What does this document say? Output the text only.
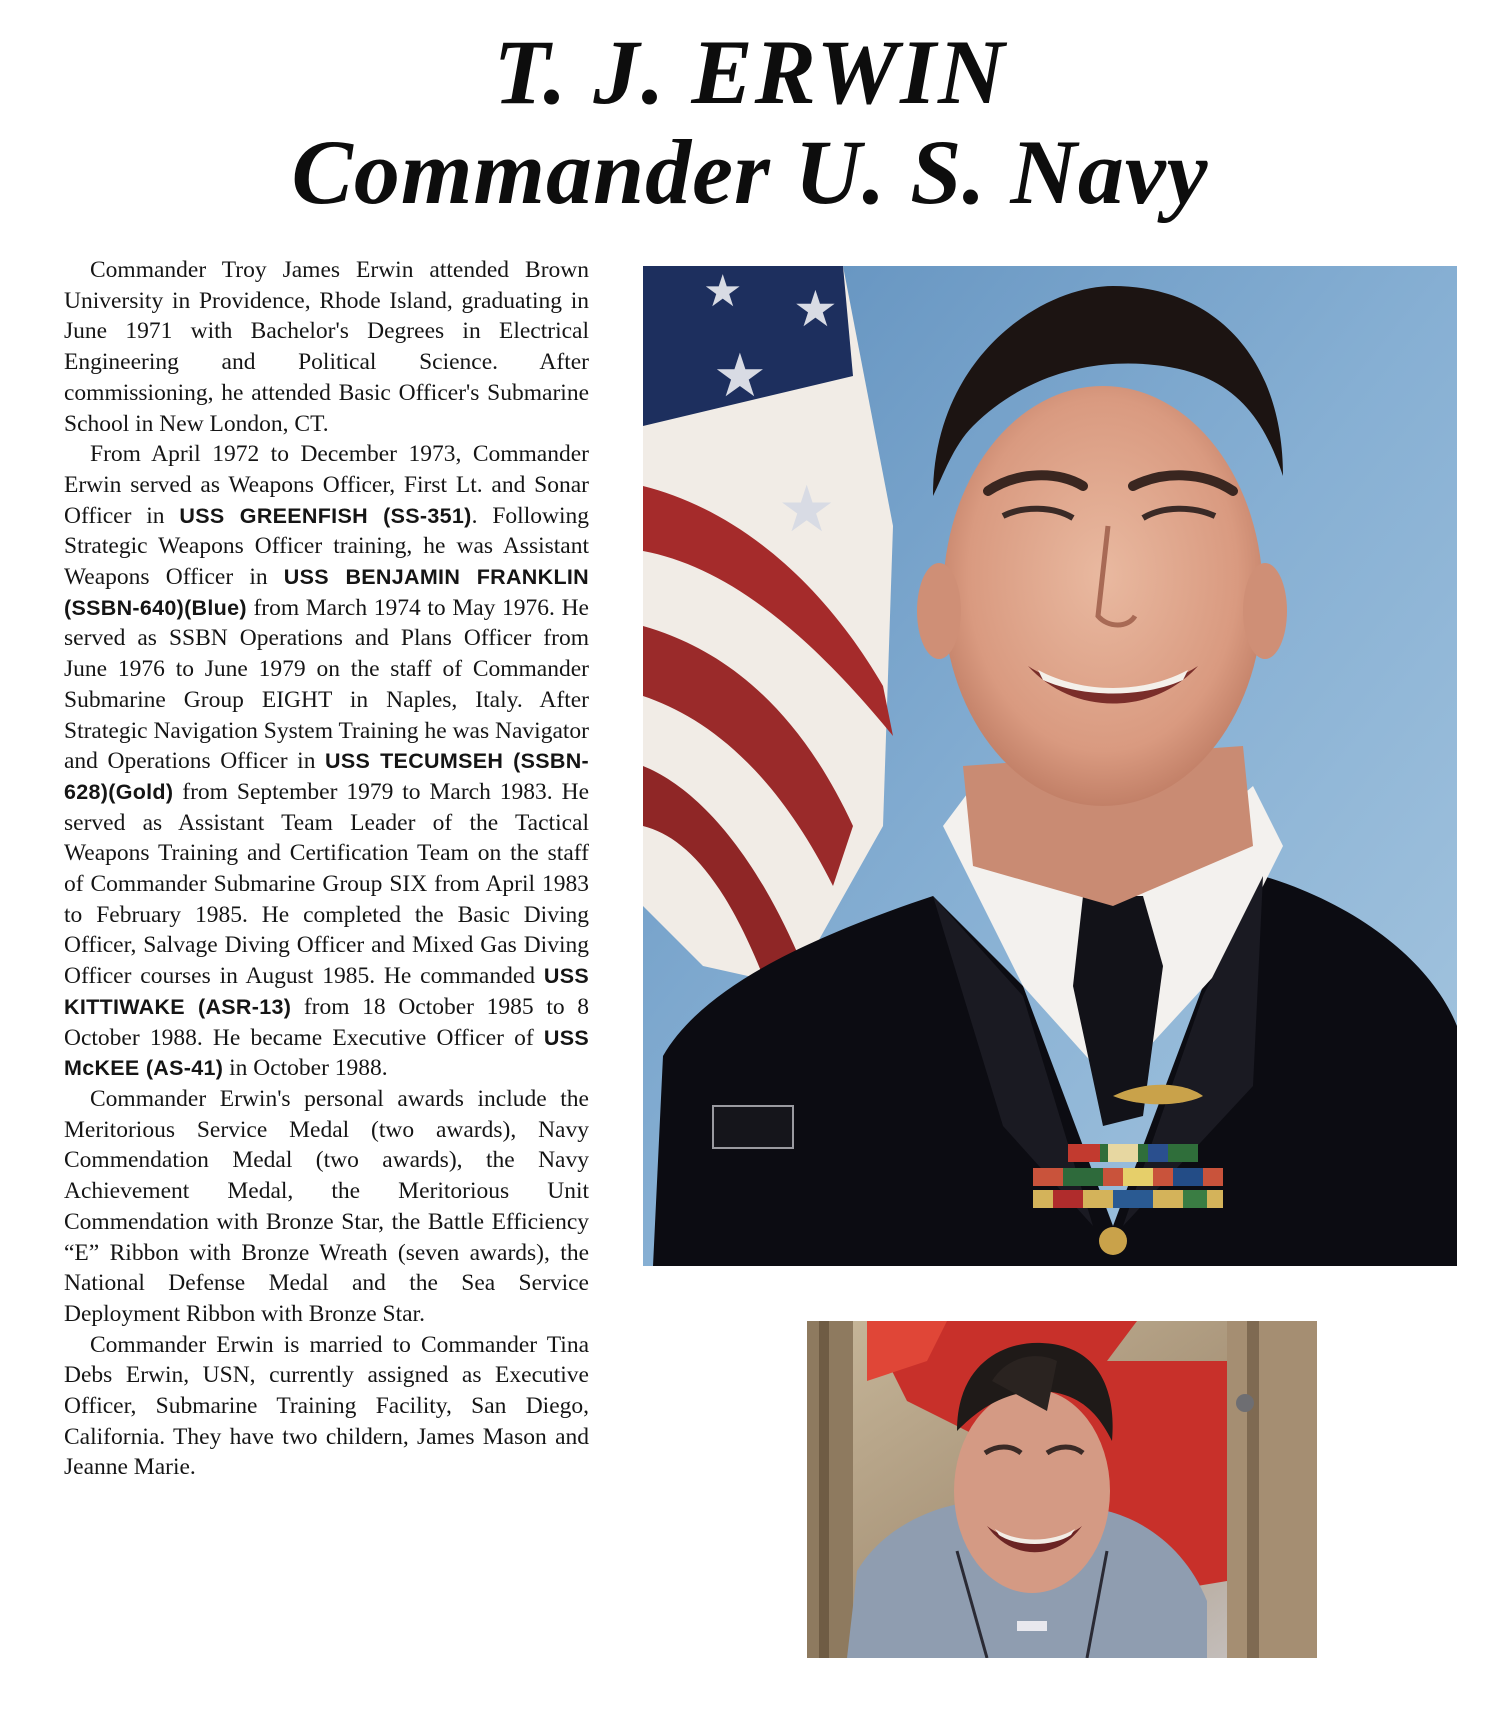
T. J. ERWIN
Commander U. S. Navy

Commander Troy James Erwin attended Brown University in Providence, Rhode Island, graduating in June 1971 with Bachelor's Degrees in Electrical Engineering and Political Science. After commissioning, he attended Basic Officer's Submarine School in New London, CT.

From April 1972 to December 1973, Commander Erwin served as Weapons Officer, First Lt. and Sonar Officer in USS GREENFISH (SS-351). Following Strategic Weapons Officer training, he was Assistant Weapons Officer in USS BENJAMIN FRANKLIN (SSBN-640)(Blue) from March 1974 to May 1976. He served as SSBN Operations and Plans Officer from June 1976 to June 1979 on the staff of Commander Submarine Group EIGHT in Naples, Italy. After Strategic Navigation System Training he was Navigator and Operations Officer in USS TECUMSEH (SSBN-628)(Gold) from September 1979 to March 1983. He served as Assistant Team Leader of the Tactical Weapons Training and Certification Team on the staff of Commander Submarine Group SIX from April 1983 to February 1985. He completed the Basic Diving Officer, Salvage Diving Officer and Mixed Gas Diving Officer courses in August 1985. He commanded USS KITTIWAKE (ASR-13) from 18 October 1985 to 8 October 1988. He became Executive Officer of USS McKEE (AS-41) in October 1988.

Commander Erwin's personal awards include the Meritorious Service Medal (two awards), Navy Commendation Medal (two awards), the Navy Achievement Medal, the Meritorious Unit Commendation with Bronze Star, the Battle Efficiency “E” Ribbon with Bronze Wreath (seven awards), the National Defense Medal and the Sea Service Deployment Ribbon with Bronze Star.

Commander Erwin is married to Commander Tina Debs Erwin, USN, currently assigned as Executive Officer, Submarine Training Facility, San Diego, California. They have two childern, James Mason and Jeanne Marie.

★
★
★
★
